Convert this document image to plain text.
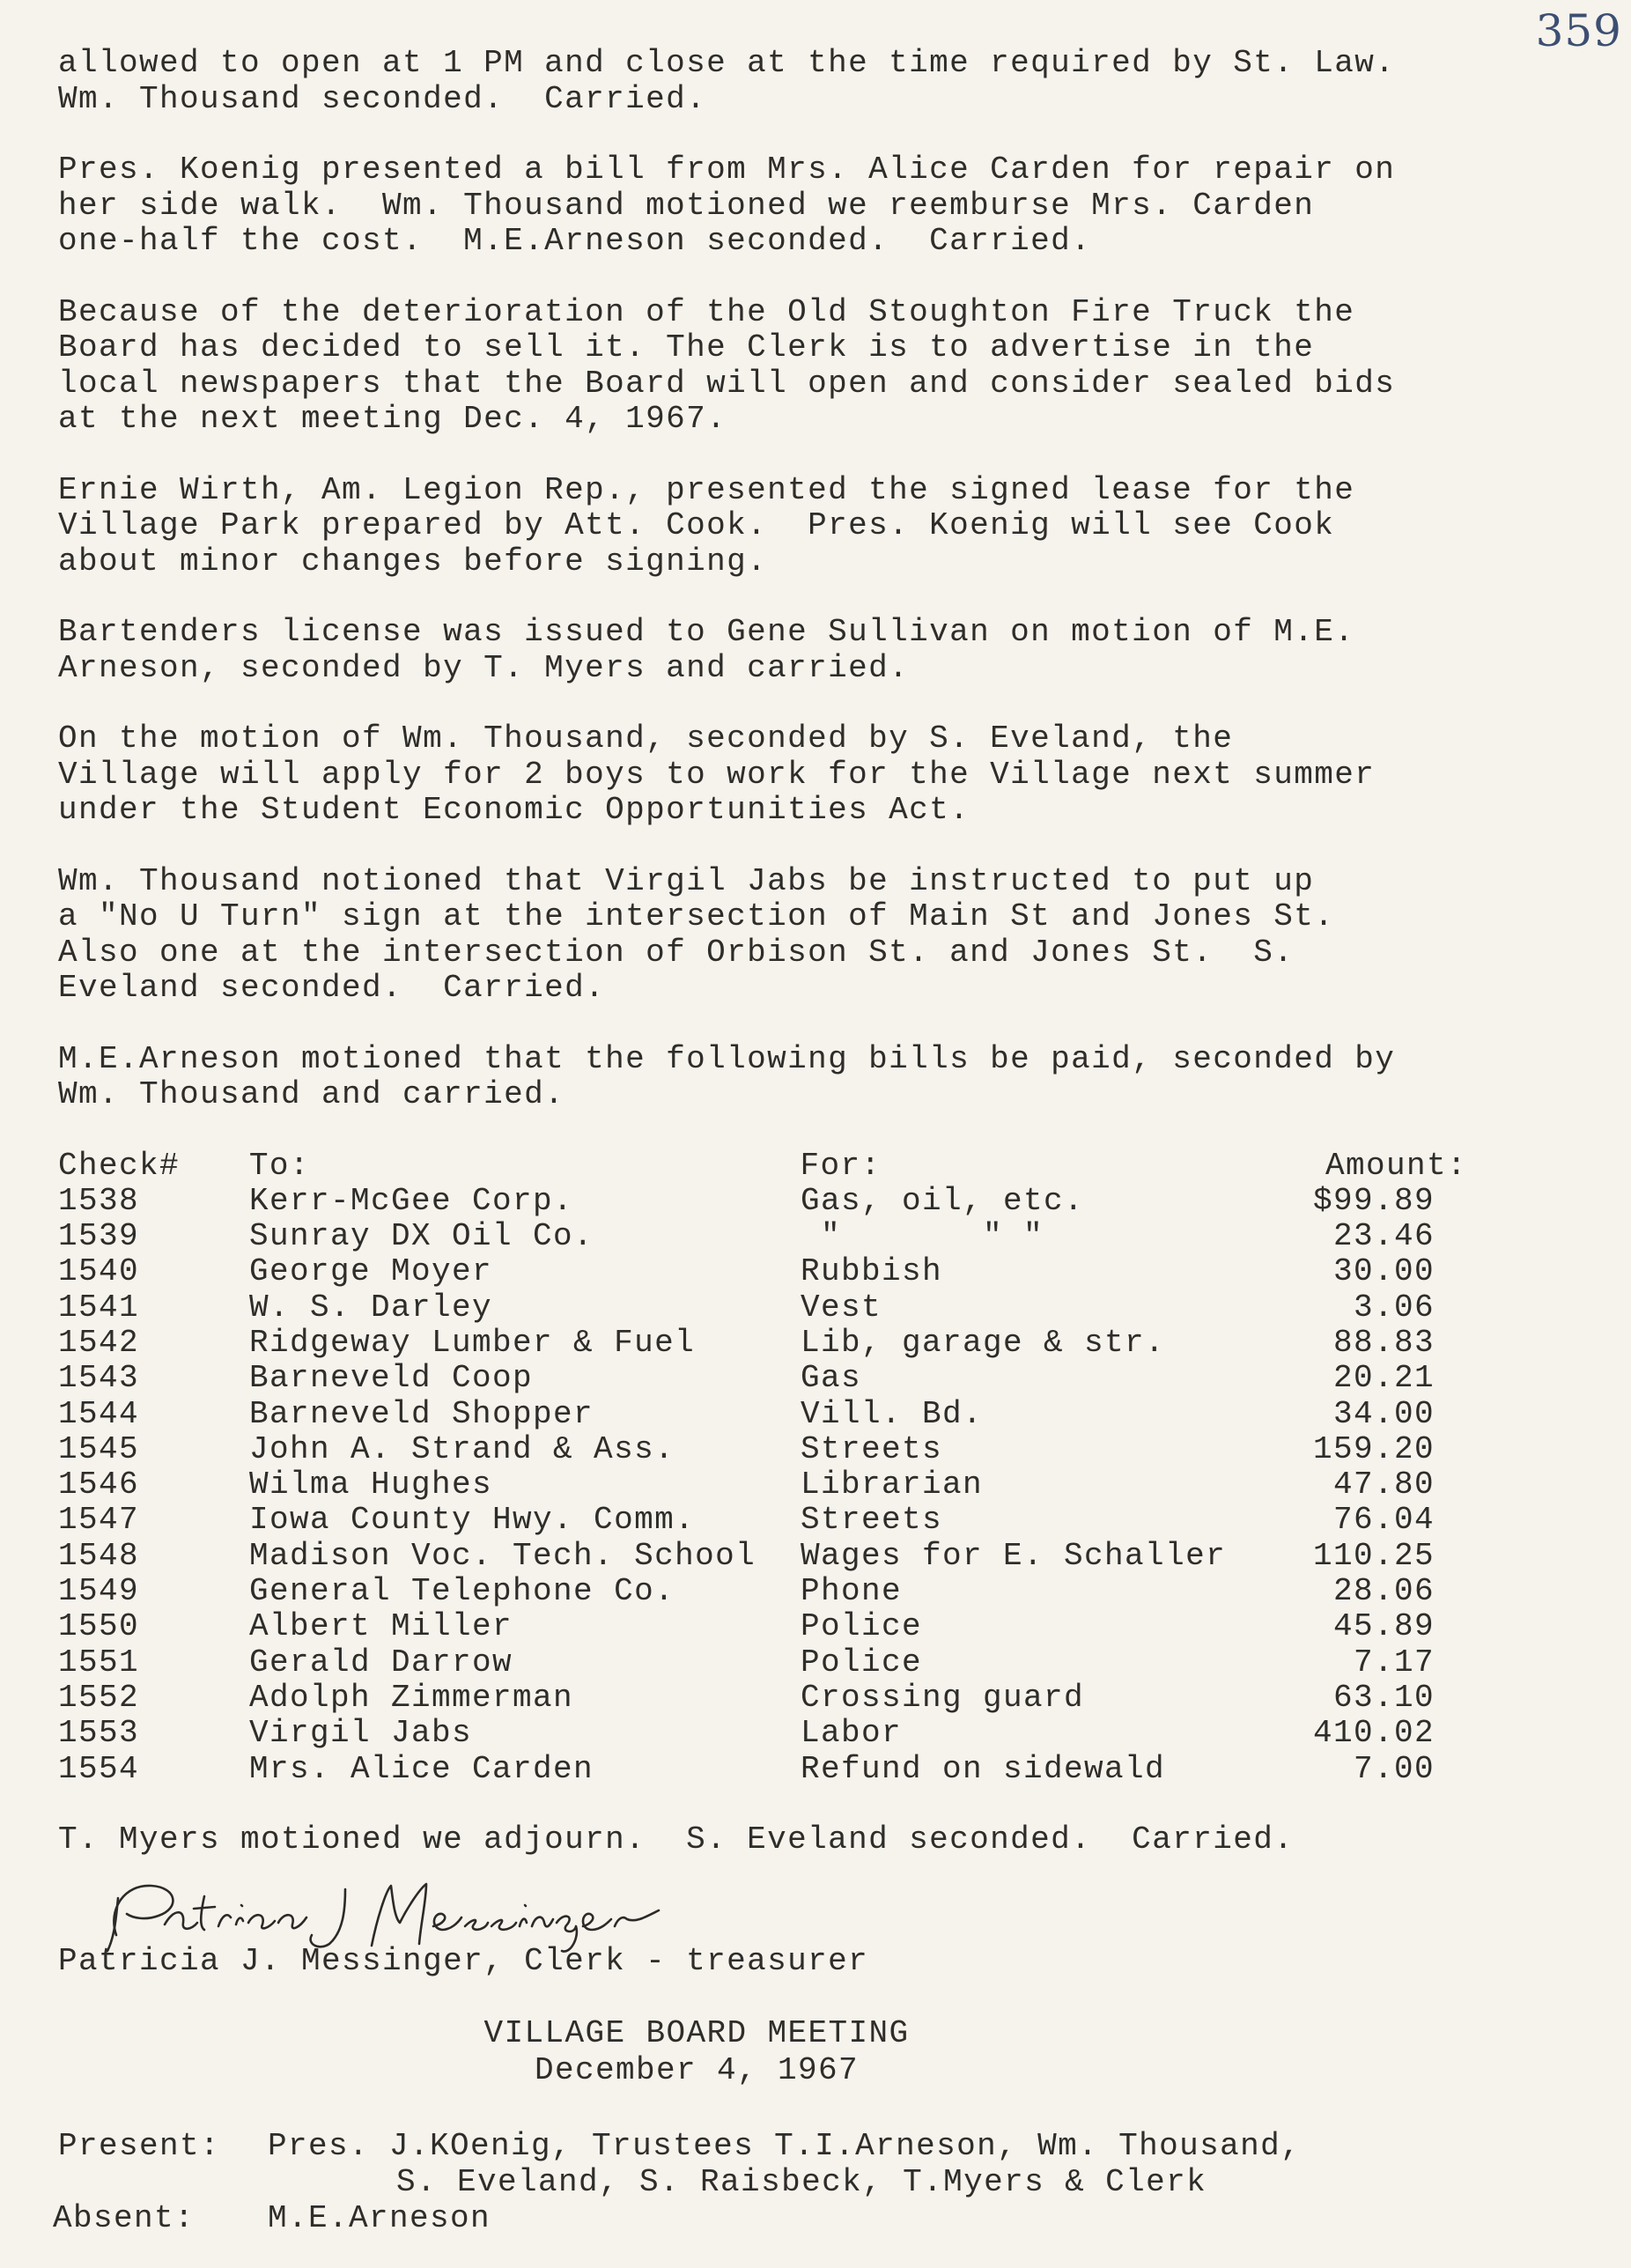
359
allowed to open at 1 PM and close at the time required by St. Law.
Wm. Thousand seconded.  Carried.
Pres. Koenig presented a bill from Mrs. Alice Carden for repair on
her side walk.  Wm. Thousand motioned we reemburse Mrs. Carden
one-half the cost.  M.E.Arneson seconded.  Carried.
Because of the deterioration of the Old Stoughton Fire Truck the
Board has decided to sell it. The Clerk is to advertise in the
local newspapers that the Board will open and consider sealed bids
at the next meeting Dec. 4, 1967.
Ernie Wirth, Am. Legion Rep., presented the signed lease for the
Village Park prepared by Att. Cook.  Pres. Koenig will see Cook
about minor changes before signing.
Bartenders license was issued to Gene Sullivan on motion of M.E.
Arneson, seconded by T. Myers and carried.
On the motion of Wm. Thousand, seconded by S. Eveland, the
Village will apply for 2 boys to work for the Village next summer
under the Student Economic Opportunities Act.
Wm. Thousand notioned that Virgil Jabs be instructed to put up
a "No U Turn" sign at the intersection of Main St and Jones St.
Also one at the intersection of Orbison St. and Jones St.  S.
Eveland seconded.  Carried.
M.E.Arneson motioned that the following bills be paid, seconded by
Wm. Thousand and carried.
Check#	To:	For:	Amount:
1538	Kerr-McGee Corp.	Gas, oil, etc.	$99.89
1539	Sunray DX Oil Co.	"       " "	23.46
1540	George Moyer	Rubbish	30.00
1541	W. S. Darley	Vest	3.06
1542	Ridgeway Lumber & Fuel	Lib, garage & str.	88.83
1543	Barneveld Coop	Gas	20.21
1544	Barneveld Shopper	Vill. Bd.	34.00
1545	John A. Strand & Ass.	Streets	159.20
1546	Wilma Hughes	Librarian	47.80
1547	Iowa County Hwy. Comm.	Streets	76.04
1548	Madison Voc. Tech. School	Wages for E. Schaller	110.25
1549	General Telephone Co.	Phone	28.06
1550	Albert Miller	Police	45.89
1551	Gerald Darrow	Police	7.17
1552	Adolph Zimmerman	Crossing guard	63.10
1553	Virgil Jabs	Labor	410.02
1554	Mrs. Alice Carden	Refund on sidewald	7.00
T. Myers motioned we adjourn.  S. Eveland seconded.  Carried.
Patricia J. Messinger, Clerk - treasurer
VILLAGE BOARD MEETING
December 4, 1967
Present:	Pres. J.KOenig, Trustees T.I.Arneson, Wm. Thousand,
S. Eveland, S. Raisbeck, T.Myers & Clerk
Absent:	M.E.Arneson
